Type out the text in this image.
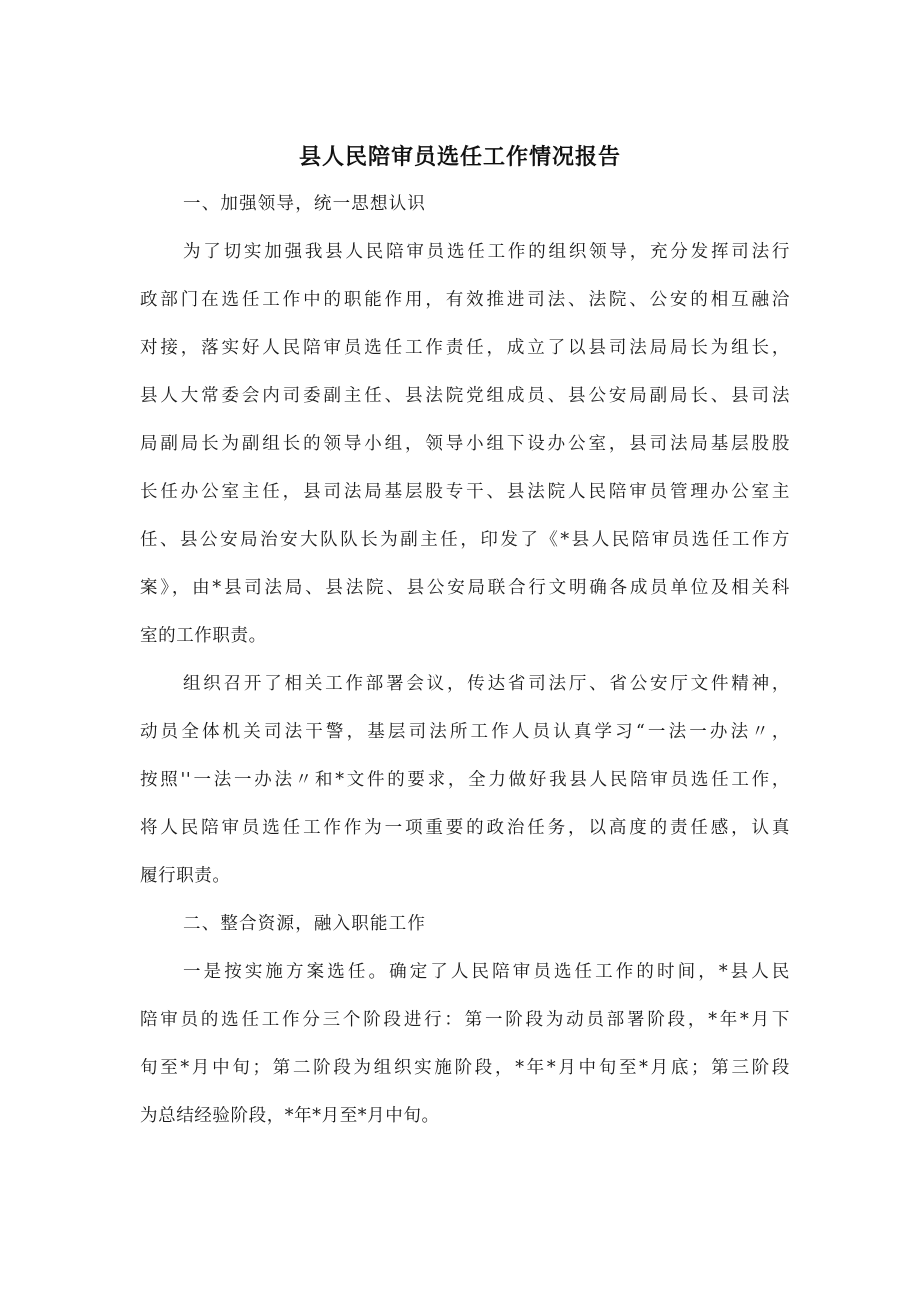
县人民陪审员选任工作情况报告
一、加强领导，统一思想认识
为了切实加强我县人民陪审员选任工作的组织领导，充分发挥司法行
政部门在选任工作中的职能作用，有效推进司法、法院、公安的相互融洽
对接，落实好人民陪审员选任工作责任，成立了以县司法局局长为组长，
县人大常委会内司委副主任、县法院党组成员、县公安局副局长、县司法
局副局长为副组长的领导小组，领导小组下设办公室，县司法局基层股股
长任办公室主任，县司法局基层股专干、县法院人民陪审员管理办公室主
任、县公安局治安大队队长为副主任，印发了《*县人民陪审员选任工作方
案》，由*县司法局、县法院、县公安局联合行文明确各成员单位及相关科
室的工作职责。
组织召开了相关工作部署会议，传达省司法厅、省公安厅文件精神，
动员全体机关司法干警，基层司法所工作人员认真学习“一法一办法〃，
按照''一法一办法〃和*文件的要求，全力做好我县人民陪审员选任工作，
将人民陪审员选任工作作为一项重要的政治任务，以高度的责任感，认真
履行职责。
二、整合资源，融入职能工作
一是按实施方案选任。确定了人民陪审员选任工作的时间，*县人民
陪审员的选任工作分三个阶段进行：第一阶段为动员部署阶段，*年*月下
旬至*月中旬；第二阶段为组织实施阶段，*年*月中旬至*月底；第三阶段
为总结经验阶段，*年*月至*月中旬。
